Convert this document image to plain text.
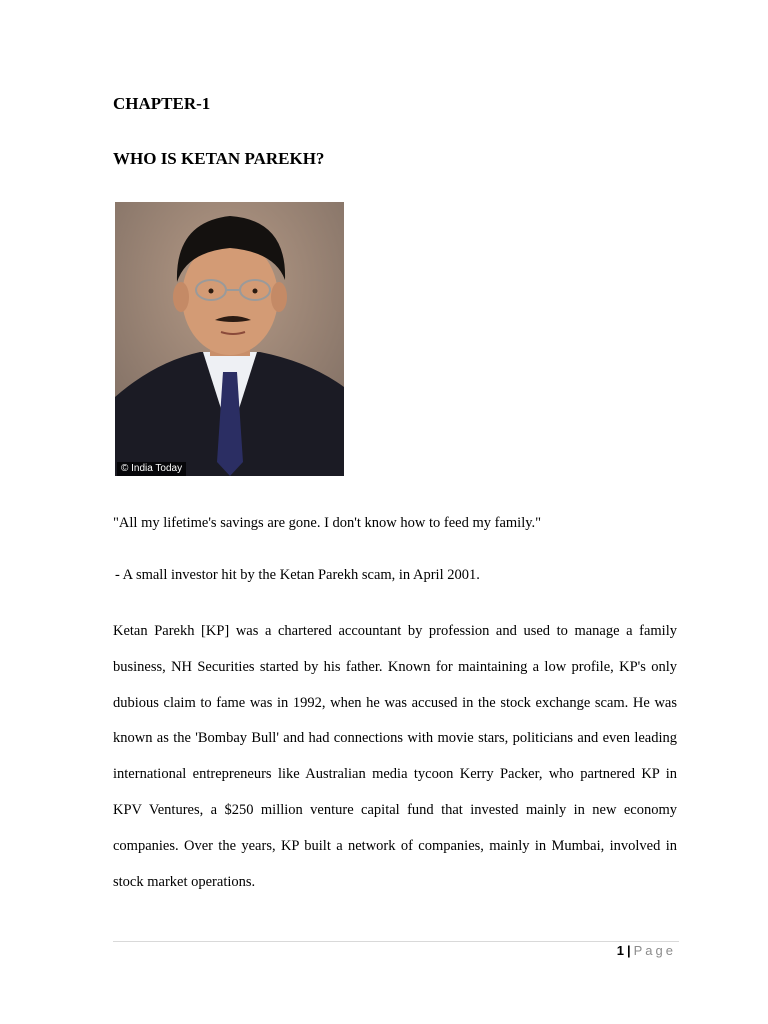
CHAPTER-1
WHO IS KETAN PAREKH?
© India Today
"All my lifetime's savings are gone. I don't know how to feed my family."
- A small investor hit by the Ketan Parekh scam, in April 2001.

Ketan Parekh [KP] was a chartered accountant by profession and used to manage a family business, NH Securities started by his father. Known for maintaining a low profile, KP's only dubious claim to fame was in 1992, when he was accused in the stock exchange scam. He was known as the 'Bombay Bull' and had connections with movie stars, politicians and even leading international entrepreneurs like Australian media tycoon Kerry Packer, who partnered KP in KPV Ventures, a $250 million venture capital fund that invested mainly in new economy companies. Over the years, KP built a network of companies, mainly in Mumbai, involved in stock market operations.

1 | Page
